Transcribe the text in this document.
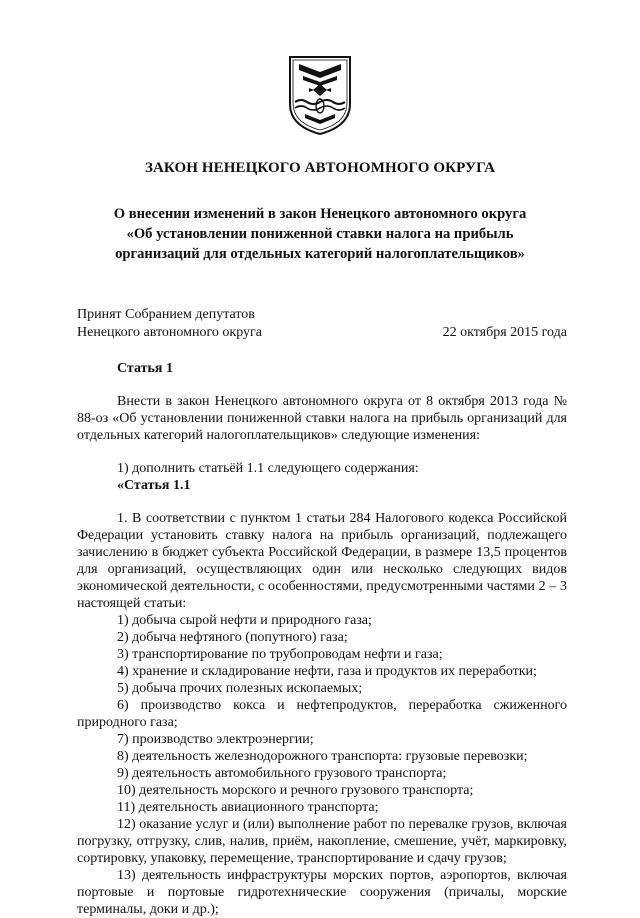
ЗАКОН НЕНЕЦКОГО АВТОНОМНОГО ОКРУГА
О внесении изменений в закон Ненецкого автономного округа
«Об установлении пониженной ставки налога на прибыль
организаций для отдельных категорий налогоплательщиков»
Принят Собранием депутатов
Ненецкого автономного округа	22 октября 2015 года

Статья 1

Внести в закон Ненецкого автономного округа от 8 октября 2013 года № 88-оз «Об установлении пониженной ставки налога на прибыль организаций для отдельных категорий налогоплательщиков» следующие изменения:

1) дополнить статьёй 1.1 следующего содержания:

«Статья 1.1

1. В соответствии с пунктом 1 статьи 284 Налогового кодекса Российской Федерации установить ставку налога на прибыль организаций, подлежащего зачислению в бюджет субъекта Российской Федерации, в размере 13,5 процентов для организаций, осуществляющих один или несколько следующих видов экономической деятельности, с особенностями, предусмотренными частями 2 – 3 настоящей статьи:

1) добыча сырой нефти и природного газа;

2) добыча нефтяного (попутного) газа;

3) транспортирование по трубопроводам нефти и газа;

4) хранение и складирование нефти, газа и продуктов их переработки;

5) добыча прочих полезных ископаемых;

6) производство кокса и нефтепродуктов, переработка сжиженного природного газа;

7) производство электроэнергии;

8) деятельность железнодорожного транспорта: грузовые перевозки;

9) деятельность автомобильного грузового транспорта;

10) деятельность морского и речного грузового транспорта;

11) деятельность авиационного транспорта;

12) оказание услуг и (или) выполнение работ по перевалке грузов, включая погрузку, отгрузку, слив, налив, приём, накопление, смешение, учёт, маркировку, сортировку, упаковку, перемещение, транспортирование и сдачу грузов;

13) деятельность инфраструктуры морских портов, аэропортов, включая портовые и портовые гидротехнические сооружения (причалы, морские терминалы, доки и др.);
